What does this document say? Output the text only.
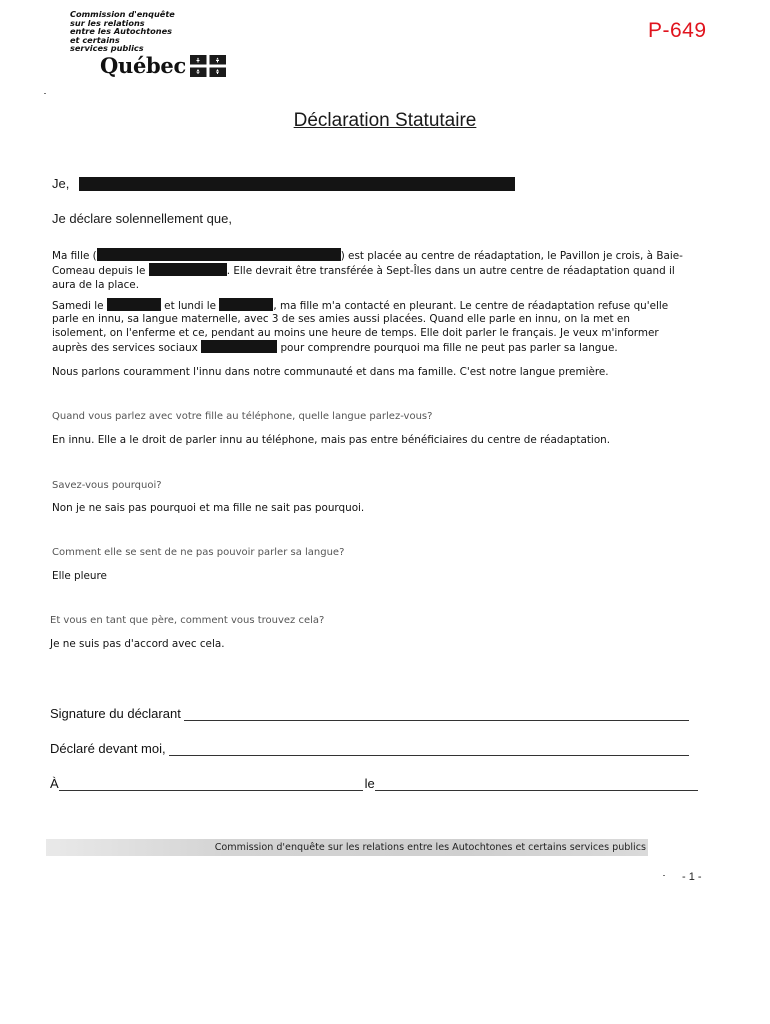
Commission d'enquête
sur les relations
entre les Autochtones
et certains
services publics
Québec
P-649
Déclaration Statutaire
Je,
Je déclare solennellement que,
Ma fille (	) est placée au centre de réadaptation, le Pavillon je crois, à Baie-
Comeau depuis le	. Elle devrait être transférée à Sept-Îles dans un autre centre de réadaptation quand il
aura de la place.
Samedi le	et lundi le	, ma fille m'a contacté en pleurant. Le centre de réadaptation refuse qu'elle
parle en innu, sa langue maternelle, avec 3 de ses amies aussi placées. Quand elle parle en innu, on la met en
isolement, on l'enferme et ce, pendant au moins une heure de temps. Elle doit parler le français. Je veux m'informer
auprès des services sociaux	pour comprendre pourquoi ma fille ne peut pas parler sa langue.
Nous parlons couramment l'innu dans notre communauté et dans ma famille. C'est notre langue première.
Quand vous parlez avec votre fille au téléphone, quelle langue parlez-vous?
En innu. Elle a le droit de parler innu au téléphone, mais pas entre bénéficiaires du centre de réadaptation.
Savez-vous pourquoi?
Non je ne sais pas pourquoi et ma fille ne sait pas pourquoi.
Comment elle se sent de ne pas pouvoir parler sa langue?
Elle pleure
Et vous en tant que père, comment vous trouvez cela?
Je ne suis pas d'accord avec cela.
Signature du déclarant
Déclaré devant moi,
À	le
Commission d'enquête sur les relations entre les Autochtones et certains services publics
- 1 -
